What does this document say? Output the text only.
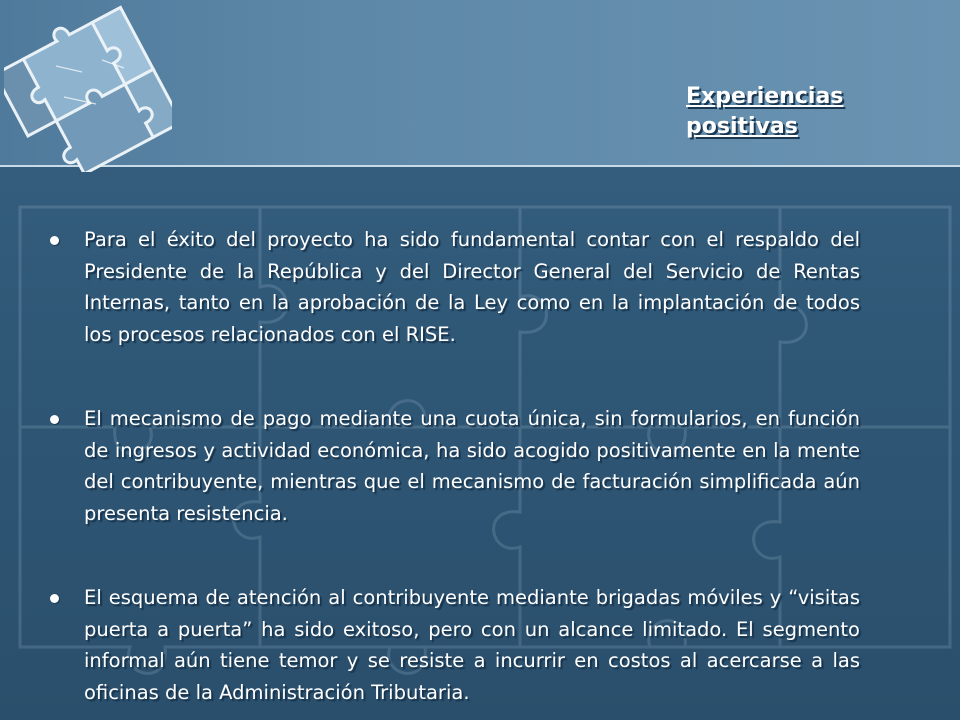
Experiencias positivas
Para el éxito del proyecto ha sido fundamental contar con el respaldo del Presidente de la República y del Director General del Servicio de Rentas Internas, tanto en la aprobación de la Ley como en la implantación de todos los procesos relacionados con el RISE.
El mecanismo de pago mediante una cuota única, sin formularios, en función de ingresos y actividad económica, ha sido acogido positivamente en la mente del contribuyente, mientras que el mecanismo de facturación simplificada aún presenta resistencia.
El esquema de atención al contribuyente mediante brigadas móviles y “visitas puerta a puerta” ha sido exitoso, pero con un alcance limitado. El segmento informal aún tiene temor y se resiste a incurrir en costos al acercarse a las oficinas de la Administración Tributaria.
